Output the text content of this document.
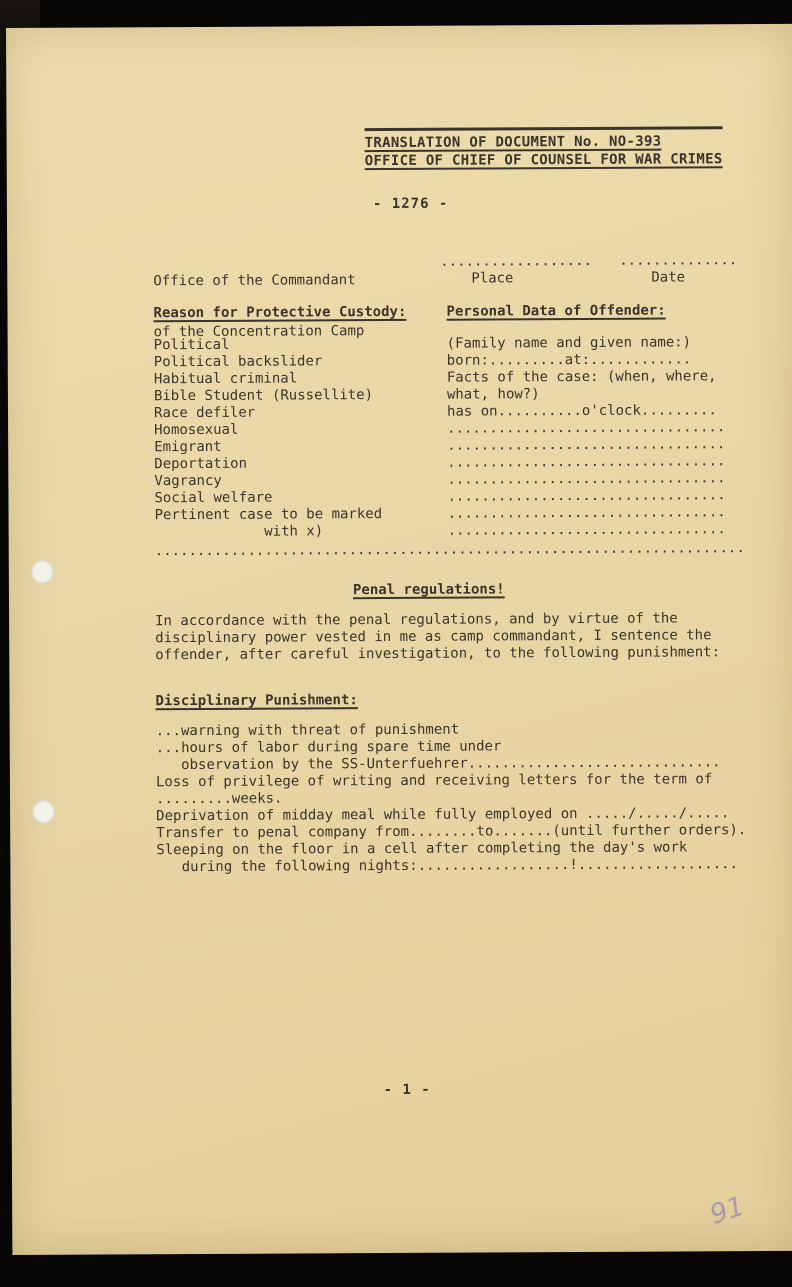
TRANSLATION OF DOCUMENT No. NO-393
OFFICE OF CHIEF OF COUNSEL FOR WAR CRIMES
- 1276 -

Office of the Commandant

of the Concentration Camp

.................. ..............
Place	Date
Reason for Protective Custody:	Personal Data of Offender:
Political
Political backslider
Habitual criminal
Bible Student (Russellite)
Race defiler
Homosexual
Emigrant
Deportation
Vagrancy
Social welfare
Pertinent case to be marked
with x)
(Family name and given name:)
born:.........at:............
Facts of the case: (when, where,
what, how?)
has on..........o'clock.........
.................................
.................................
.................................
.................................
.................................
.................................
.................................
......................................................................
Penal regulations!
In accordance with the penal regulations, and by virtue of the
disciplinary power vested in me as camp commandant, I sentence the
offender, after careful investigation, to the following punishment:
Disciplinary Punishment:
...warning with threat of punishment
...hours of labor during spare time under
observation by the SS-Unterfuehrer..............................
Loss of privilege of writing and receiving letters for the term of
.........weeks.
Deprivation of midday meal while fully employed on ...../...../.....
Transfer to penal company from........to.......(until further orders).
Sleeping on the floor in a cell after completing the day's work
during the following nights:..................!...................
- 1 -
91
